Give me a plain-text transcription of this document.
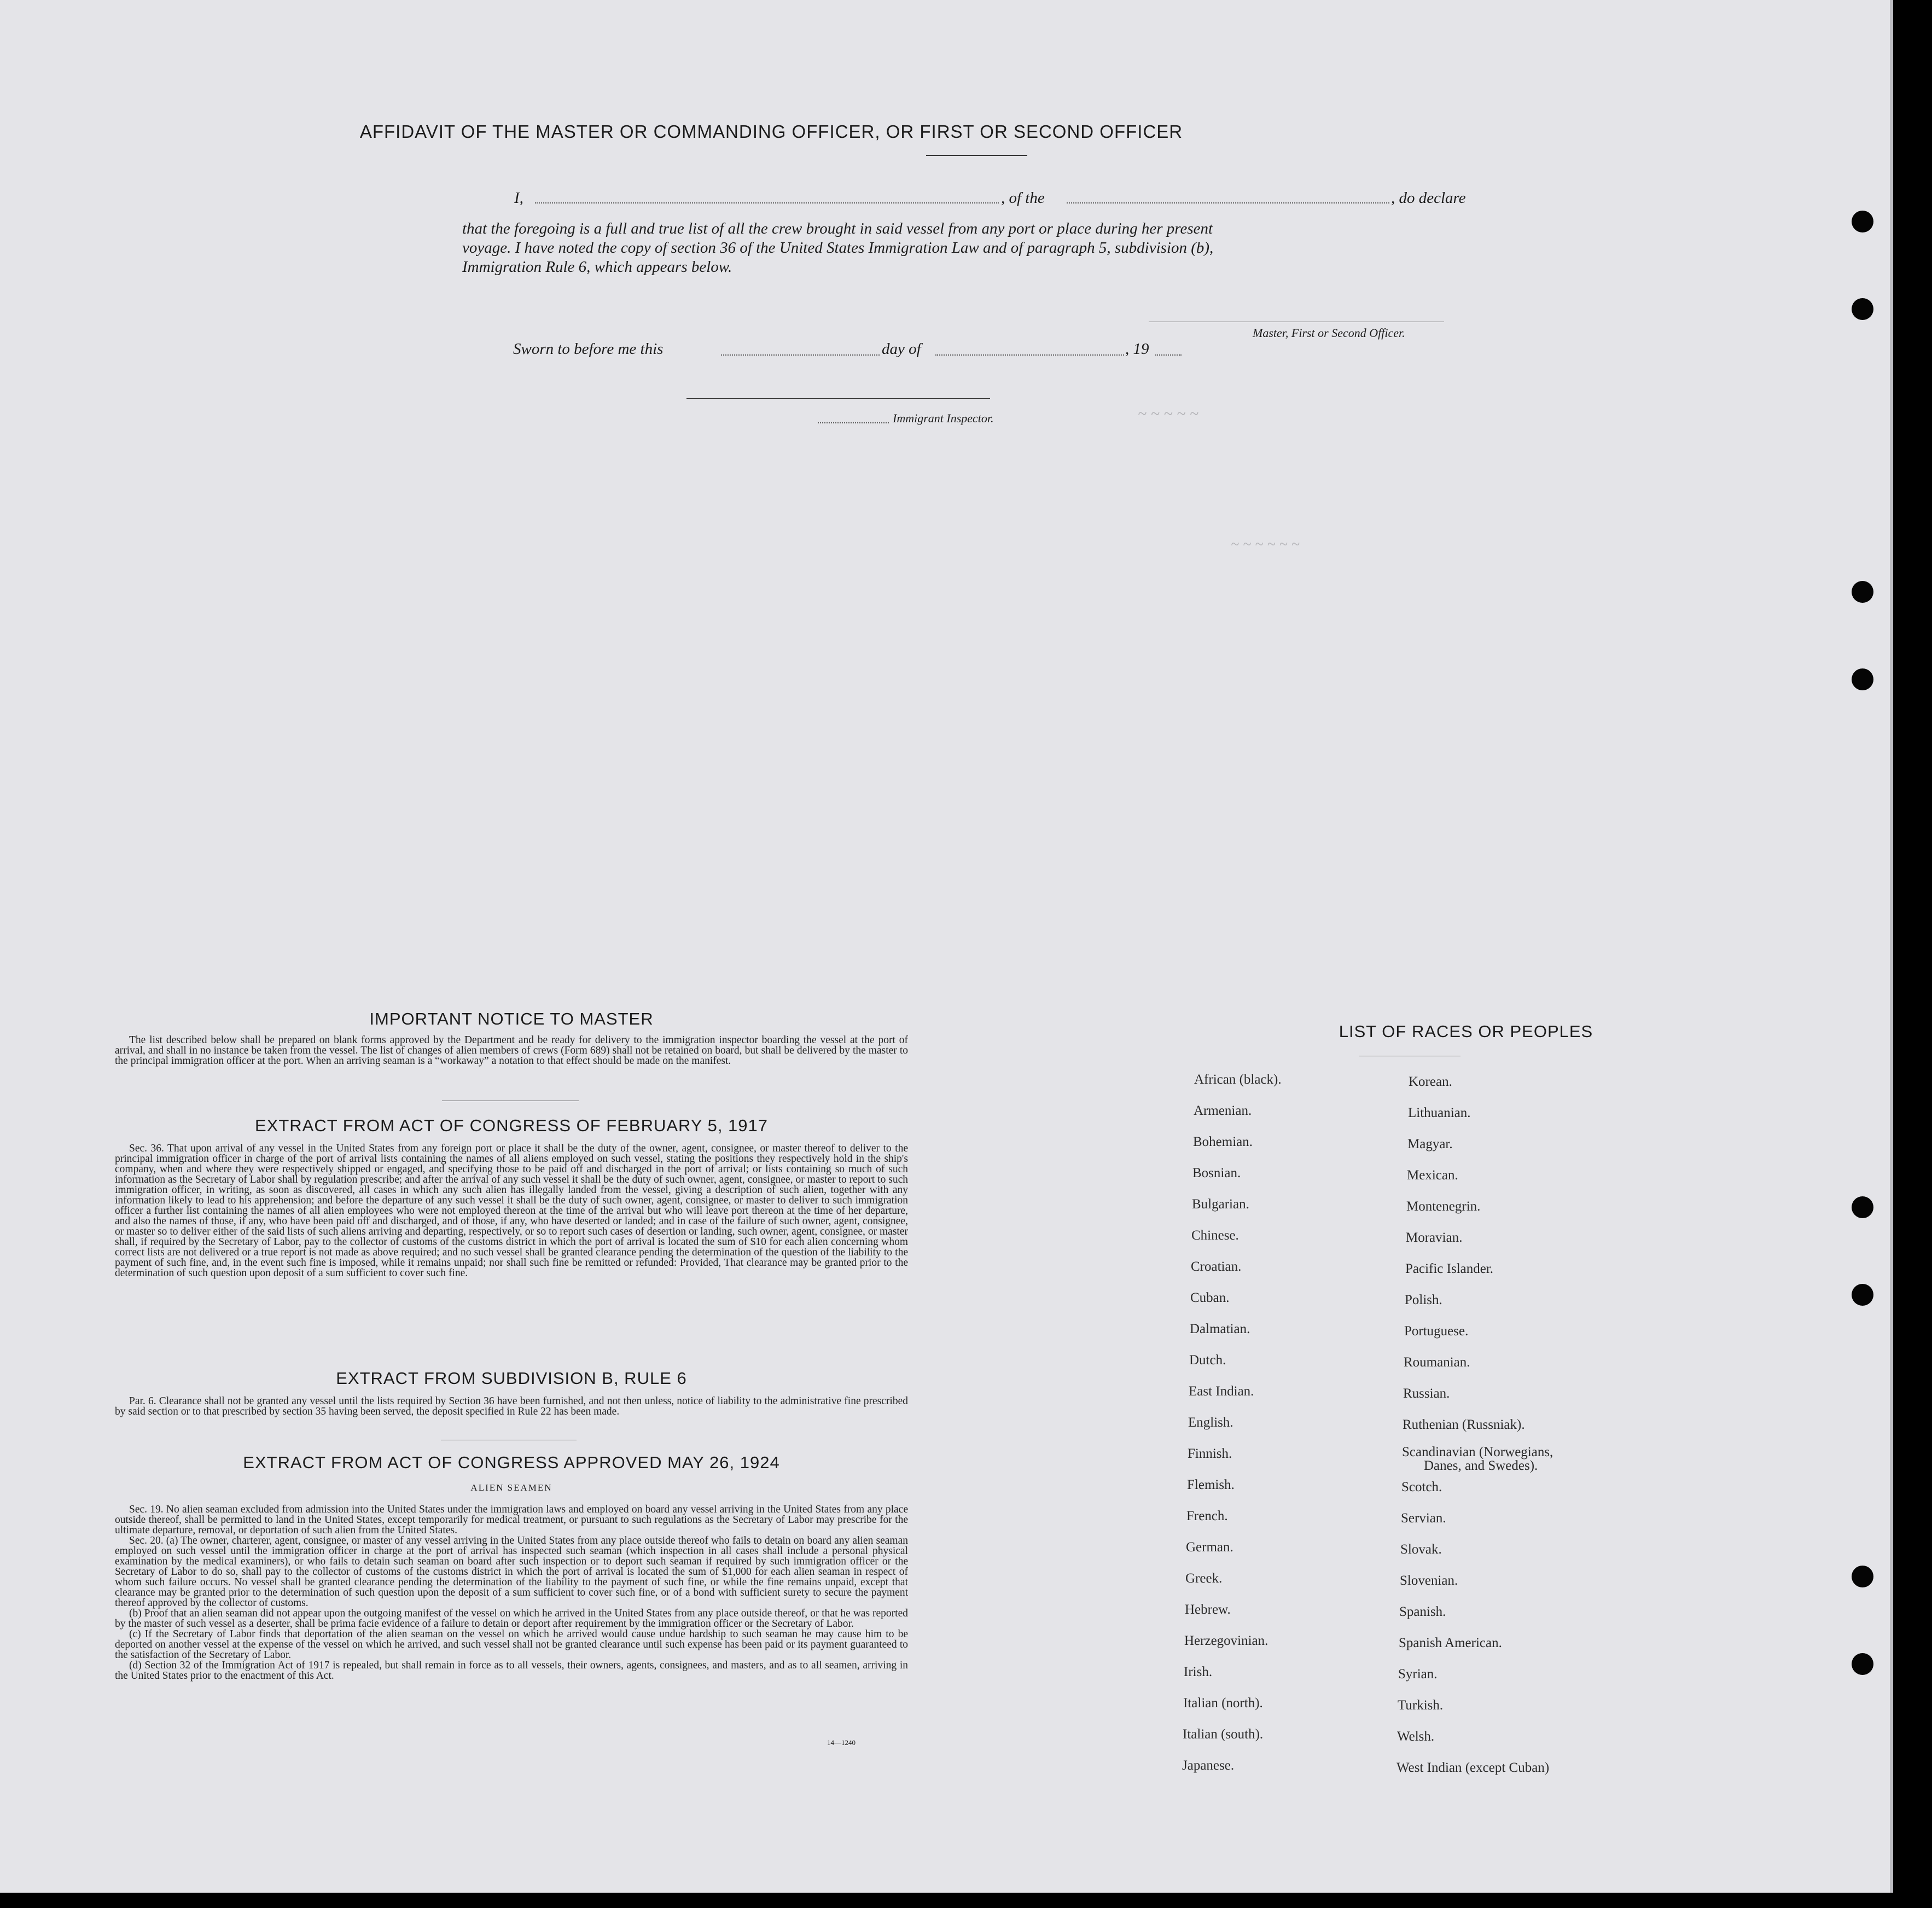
~ ~ ~ ~ ~
~ ~ ~ ~ ~ ~
AFFIDAVIT OF THE MASTER OR COMMANDING OFFICER, OR FIRST OR SECOND OFFICER
I,	, of the	, do declare
that the foregoing is a full and true list of all the crew brought in said vessel from any port or place during her present
voyage. I have noted the copy of section 36 of the United States Immigration Law and of paragraph 5, subdivision (b),
Immigration Rule 6, which appears below.
Master, First or Second Officer.
Sworn to before me this	day of	, 19
Immigrant Inspector.
IMPORTANT NOTICE TO MASTER

The list described below shall be prepared on blank forms approved by the Department and be ready for delivery to the immigration inspector boarding the vessel at the port of arrival, and shall in no instance be taken from the vessel. The list of changes of alien members of crews (Form 689) shall not be retained on board, but shall be delivered by the master to the principal immigration officer at the port. When an arriving seaman is a “workaway” a notation to that effect should be made on the manifest.

EXTRACT FROM ACT OF CONGRESS OF FEBRUARY 5, 1917

Sec. 36. That upon arrival of any vessel in the United States from any foreign port or place it shall be the duty of the owner, agent, consignee, or master thereof to deliver to the principal immigration officer in charge of the port of arrival lists containing the names of all aliens employed on such vessel, stating the positions they respectively hold in the ship's company, when and where they were respectively shipped or engaged, and specifying those to be paid off and discharged in the port of arrival; or lists containing so much of such information as the Secretary of Labor shall by regulation prescribe; and after the arrival of any such vessel it shall be the duty of such owner, agent, consignee, or master to report to such immigration officer, in writing, as soon as discovered, all cases in which any such alien has illegally landed from the vessel, giving a description of such alien, together with any information likely to lead to his apprehension; and before the departure of any such vessel it shall be the duty of such owner, agent, consignee, or master to deliver to such immigration officer a further list containing the names of all alien employees who were not employed thereon at the time of the arrival but who will leave port thereon at the time of her departure, and also the names of those, if any, who have been paid off and discharged, and of those, if any, who have deserted or landed; and in case of the failure of such owner, agent, consignee, or master so to deliver either of the said lists of such aliens arriving and departing, respectively, or so to report such cases of desertion or landing, such owner, agent, consignee, or master shall, if required by the Secretary of Labor, pay to the collector of customs of the customs district in which the port of arrival is located the sum of $10 for each alien concerning whom correct lists are not delivered or a true report is not made as above required; and no such vessel shall be granted clearance pending the determination of the question of the liability to the payment of such fine, and, in the event such fine is imposed, while it remains unpaid; nor shall such fine be remitted or refunded: Provided, That clearance may be granted prior to the determination of such question upon deposit of a sum sufficient to cover such fine.

EXTRACT FROM SUBDIVISION B, RULE 6

Par. 6. Clearance shall not be granted any vessel until the lists required by Section 36 have been furnished, and not then unless, notice of liability to the administrative fine prescribed by said section or to that prescribed by section 35 having been served, the deposit specified in Rule 22 has been made.

EXTRACT FROM ACT OF CONGRESS APPROVED MAY 26, 1924
ALIEN SEAMEN

Sec. 19. No alien seaman excluded from admission into the United States under the immigration laws and employed on board any vessel arriving in the United States from any place outside thereof, shall be permitted to land in the United States, except temporarily for medical treatment, or pursuant to such regulations as the Secretary of Labor may prescribe for the ultimate departure, removal, or deportation of such alien from the United States.

Sec. 20. (a) The owner, charterer, agent, consignee, or master of any vessel arriving in the United States from any place outside thereof who fails to detain on board any alien seaman employed on such vessel until the immigration officer in charge at the port of arrival has inspected such seaman (which inspection in all cases shall include a personal physical examination by the medical examiners), or who fails to detain such seaman on board after such inspection or to deport such seaman if required by such immigration officer or the Secretary of Labor to do so, shall pay to the collector of customs of the customs district in which the port of arrival is located the sum of $1,000 for each alien seaman in respect of whom such failure occurs. No vessel shall be granted clearance pending the determination of the liability to the payment of such fine, or while the fine remains unpaid, except that clearance may be granted prior to the determination of such question upon the deposit of a sum sufficient to cover such fine, or of a bond with sufficient surety to secure the payment thereof approved by the collector of customs.

(b) Proof that an alien seaman did not appear upon the outgoing manifest of the vessel on which he arrived in the United States from any place outside thereof, or that he was reported by the master of such vessel as a deserter, shall be prima facie evidence of a failure to detain or deport after requirement by the immigration officer or the Secretary of Labor.

(c) If the Secretary of Labor finds that deportation of the alien seaman on the vessel on which he arrived would cause undue hardship to such seaman he may cause him to be deported on another vessel at the expense of the vessel on which he arrived, and such vessel shall not be granted clearance until such expense has been paid or its payment guaranteed to the satisfaction of the Secretary of Labor.

(d) Section 32 of the Immigration Act of 1917 is repealed, but shall remain in force as to all vessels, their owners, agents, consignees, and masters, and as to all seamen, arriving in the United States prior to the enactment of this Act.

14—1240
LIST OF RACES OR PEOPLES
African (black).
Armenian.
Bohemian.
Bosnian.
Bulgarian.
Chinese.
Croatian.
Cuban.
Dalmatian.
Dutch.
East Indian.
English.
Finnish.
Flemish.
French.
German.
Greek.
Hebrew.
Herzegovinian.
Irish.
Italian (north).
Italian (south).
Japanese.
Korean.
Lithuanian.
Magyar.
Mexican.
Montenegrin.
Moravian.
Pacific Islander.
Polish.
Portuguese.
Roumanian.
Russian.
Ruthenian (Russniak).
Scandinavian (Norwegians,
Danes, and Swedes).
Scotch.
Servian.
Slovak.
Slovenian.
Spanish.
Spanish American.
Syrian.
Turkish.
Welsh.
West Indian (except Cuban)
